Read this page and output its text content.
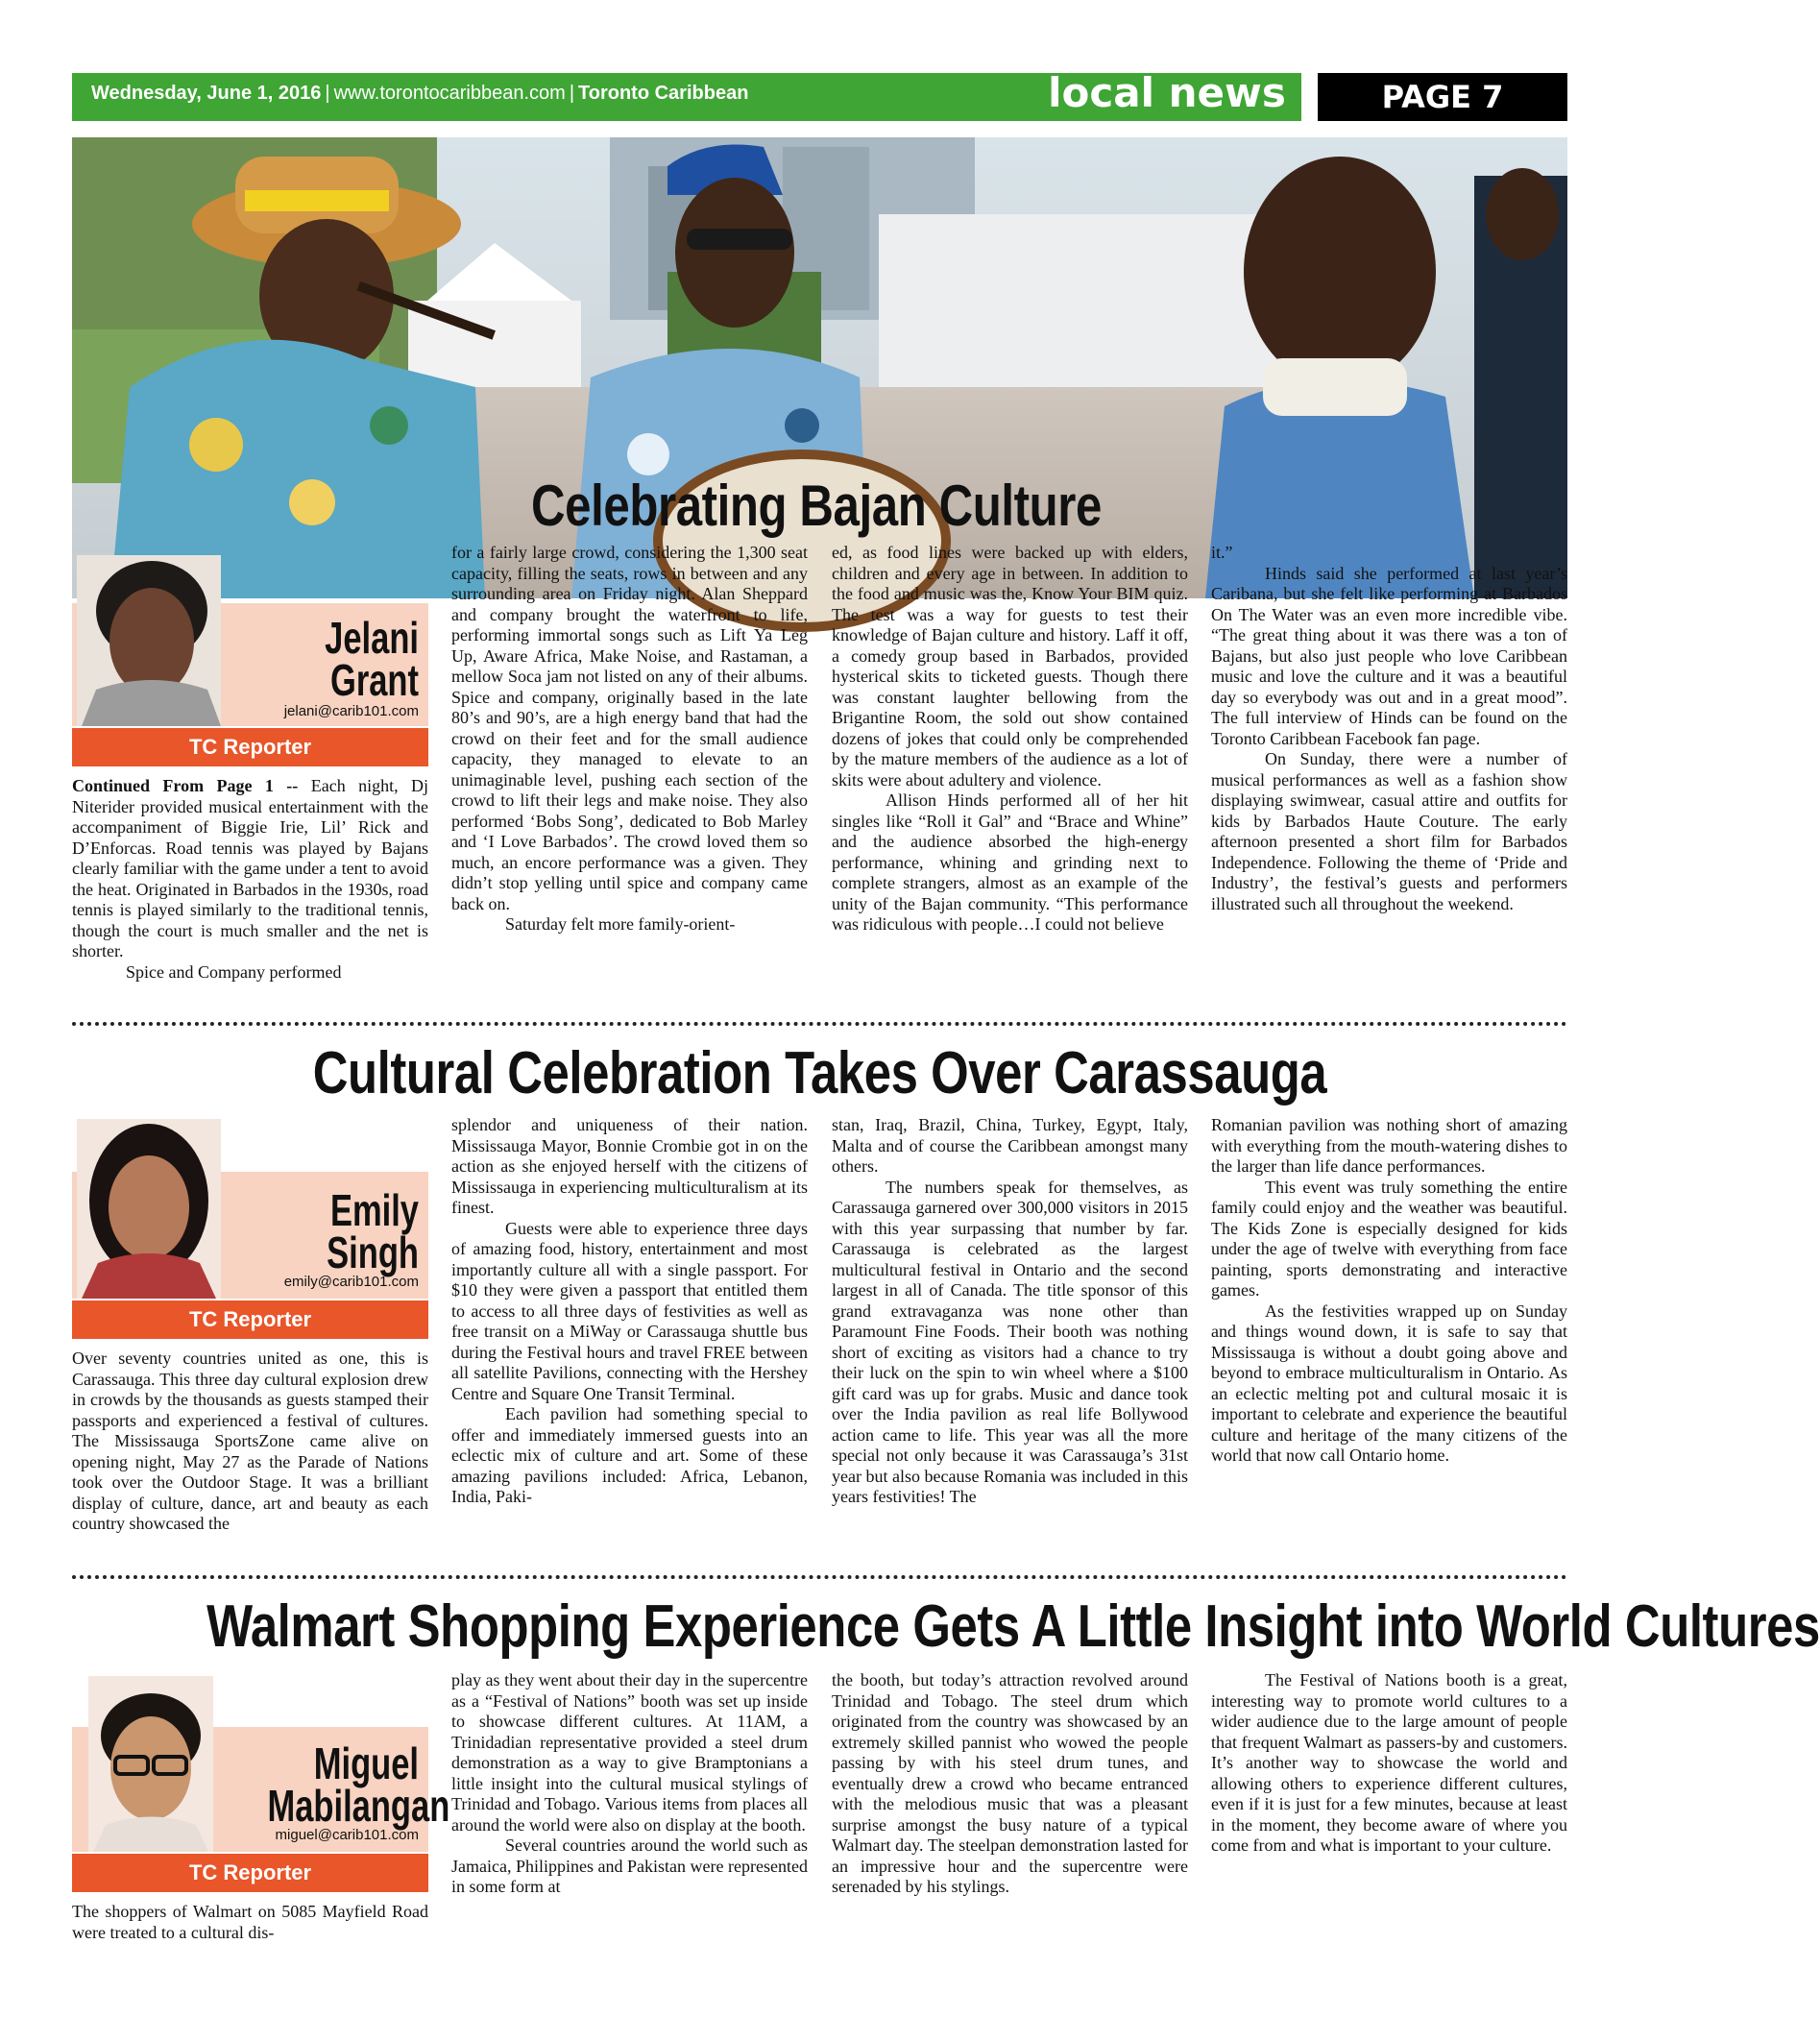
Wednesday, June 1, 2016 | www.torontocaribbean.com | Toronto Caribbean	local news	PAGE 7
Celebrating Bajan Culture
Jelani
Grant
jelani@carib101.com
TC Reporter

Continued From Page 1 -- Each night, Dj Niterider provided musical entertainment with the accompaniment of Biggie Irie, Lil’ Rick and D’Enforcas. Road tennis was played by Bajans clearly familiar with the game under a tent to avoid the heat. Originated in Barbados in the 1930s, road tennis is played similarly to the traditional tennis, though the court is much smaller and the net is shorter.

Spice and Company performed

for a fairly large crowd, considering the 1,300 seat capacity, filling the seats, rows in between and any surrounding area on Friday night. Alan Sheppard and company brought the waterfront to life, performing immortal songs such as Lift Ya Leg Up, Aware Africa, Make Noise, and Rastaman, a mellow Soca jam not listed on any of their albums. Spice and company, originally based in the late 80’s and 90’s, are a high energy band that had the crowd on their feet and for the small audience capacity, they managed to elevate to an unimaginable level, pushing each section of the crowd to lift their legs and make noise. They also performed ‘Bobs Song’, dedicated to Bob Marley and ‘I Love Barbados’. The crowd loved them so much, an encore performance was a given. They didn’t stop yelling until spice and company came back on.

Saturday felt more family-orient-

ed, as food lines were backed up with elders, children and every age in between. In addition to the food and music was the, Know Your BIM quiz. The test was a way for guests to test their knowledge of Bajan culture and history. Laff it off, a comedy group based in Barbados, provided hysterical skits to ticketed guests. Though there was constant laughter bellowing from the Brigantine Room, the sold out show contained dozens of jokes that could only be comprehended by the mature members of the audience as a lot of skits were about adultery and violence.

Allison Hinds performed all of her hit singles like “Roll it Gal” and “Brace and Whine” and the audience absorbed the high-energy performance, whining and grinding next to complete strangers, almost as an example of the unity of the Bajan community. “This performance was ridiculous with people…I could not believe

it.”

Hinds said she performed at last year’s Caribana, but she felt like performing at Barbados On The Water was an even more incredible vibe. “The great thing about it was there was a ton of Bajans, but also just people who love Caribbean music and love the culture and it was a beautiful day so everybody was out and in a great mood”. The full interview of Hinds can be found on the Toronto Caribbean Facebook fan page.

On Sunday, there were a number of musical performances as well as a fashion show displaying swimwear, casual attire and outfits for kids by Barbados Haute Couture. The early afternoon presented a short film for Barbados Independence. Following the theme of ‘Pride and Industry’, the festival’s guests and performers illustrated such all throughout the weekend.

Cultural Celebration Takes Over Carassauga
Emily
Singh
emily@carib101.com
TC Reporter

Over seventy countries united as one, this is Carassauga. This three day cultural explosion drew in crowds by the thousands as guests stamped their passports and experienced a festival of cultures. The Mississauga SportsZone came alive on opening night, May 27 as the Parade of Nations took over the Outdoor Stage. It was a brilliant display of culture, dance, art and beauty as each country showcased the

splendor and uniqueness of their nation. Mississauga Mayor, Bonnie Crombie got in on the action as she enjoyed herself with the citizens of Mississauga in experiencing multiculturalism at its finest.

Guests were able to experience three days of amazing food, history, entertainment and most importantly culture all with a single passport. For $10 they were given a passport that entitled them to access to all three days of festivities as well as free transit on a MiWay or Carassauga shuttle bus during the Festival hours and travel FREE between all satellite Pavilions, connecting with the Hershey Centre and Square One Transit Terminal.

Each pavilion had something special to offer and immediately immersed guests into an eclectic mix of culture and art. Some of these amazing pavilions included: Africa, Lebanon, India, Paki-

stan, Iraq, Brazil, China, Turkey, Egypt, Italy, Malta and of course the Caribbean amongst many others.

The numbers speak for themselves, as Carassauga garnered over 300,000 visitors in 2015 with this year surpassing that number by far. Carassauga is celebrated as the largest multicultural festival in Ontario and the second largest in all of Canada. The title sponsor of this grand extravaganza was none other than Paramount Fine Foods. Their booth was nothing short of exciting as visitors had a chance to try their luck on the spin to win wheel where a $100 gift card was up for grabs. Music and dance took over the India pavilion as real life Bollywood action came to life. This year was all the more special not only because it was Carassauga’s 31st year but also because Romania was included in this years festivities! The

Romanian pavilion was nothing short of amazing with everything from the mouth-watering dishes to the larger than life dance performances.

This event was truly something the entire family could enjoy and the weather was beautiful. The Kids Zone is especially designed for kids under the age of twelve with everything from face painting, sports demonstrating and interactive games.

As the festivities wrapped up on Sunday and things wound down, it is safe to say that Mississauga is without a doubt going above and beyond to embrace multiculturalism in Ontario. As an eclectic melting pot and cultural mosaic it is important to celebrate and experience the beautiful culture and heritage of the many citizens of the world that now call Ontario home.

Walmart Shopping Experience Gets A Little Insight into World Cultures
Miguel
Mabilangan
miguel@carib101.com
TC Reporter

The shoppers of Walmart on 5085 Mayfield Road were treated to a cultural dis-

play as they went about their day in the supercentre as a “Festival of Nations” booth was set up inside to showcase different cultures. At 11AM, a Trinidadian representative provided a steel drum demonstration as a way to give Bramptonians a little insight into the cultural musical stylings of Trinidad and Tobago. Various items from places all around the world were also on display at the booth.

Several countries around the world such as Jamaica, Philippines and Pakistan were represented in some form at

the booth, but today’s attraction revolved around Trinidad and Tobago. The steel drum which originated from the country was showcased by an extremely skilled pannist who wowed the people passing by with his steel drum tunes, and eventually drew a crowd who became entranced with the melodious music that was a pleasant surprise amongst the busy nature of a typical Walmart day. The steelpan demonstration lasted for an impressive hour and the supercentre were serenaded by his stylings.

The Festival of Nations booth is a great, interesting way to promote world cultures to a wider audience due to the large amount of people that frequent Walmart as passers-by and customers. It’s another way to showcase the world and allowing others to experience different cultures, even if it is just for a few minutes, because at least in the moment, they become aware of where you come from and what is important to your culture.
